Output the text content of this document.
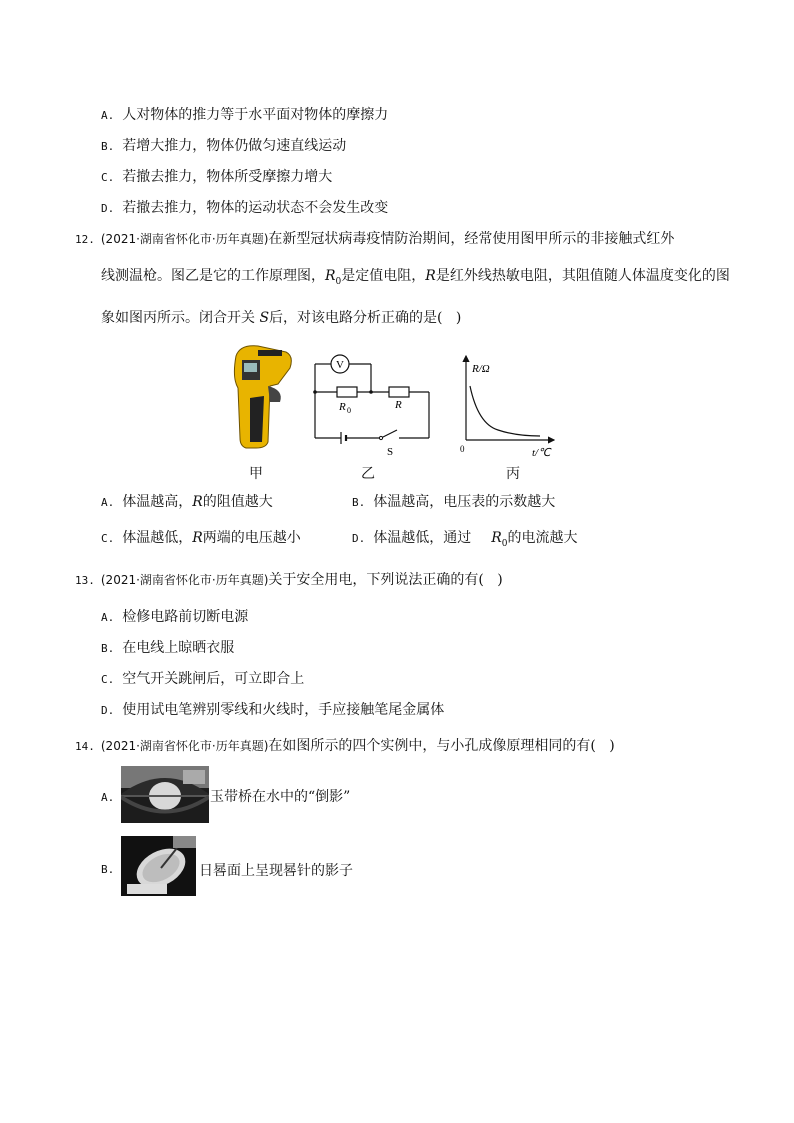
A. 人对物体的推力等于水平面对物体的摩擦力
B. 若增大推力，物体仍做匀速直线运动
C. 若撤去推力，物体所受摩擦力增大
D. 若撤去推力，物体的运动状态不会发生改变
12. (2021·湖南省怀化市·历年真题)在新型冠状病毒疫情防治期间，经常使用图甲所示的非接触式红外
线测温枪。图乙是它的工作原理图，$R_0$是定值电阻，R是红外线热敏电阻，其阻值随人体温度变化的图
象如图丙所示。闭合开关 S后，对该电路分析正确的是(   )
甲
V
R 0	R
S
乙
R/Ω
t/℃
0
丙
A. 体温越高，R的阻值越大	B. 体温越高，电压表的示数越大
C. 体温越低，R两端的电压越小	D. 体温越低，通过 $R_0$的电流越大
13. (2021·湖南省怀化市·历年真题)关于安全用电，下列说法正确的有(   )
A. 检修电路前切断电源
B. 在电线上晾晒衣服
C. 空气开关跳闸后，可立即合上
D. 使用试电笔辨别零线和火线时，手应接触笔尾金属体
14. (2021·湖南省怀化市·历年真题)在如图所示的四个实例中，与小孔成像原理相同的有(   )
A.	玉带桥在水中的“倒影”
B.	日晷面上呈现晷针的影子
